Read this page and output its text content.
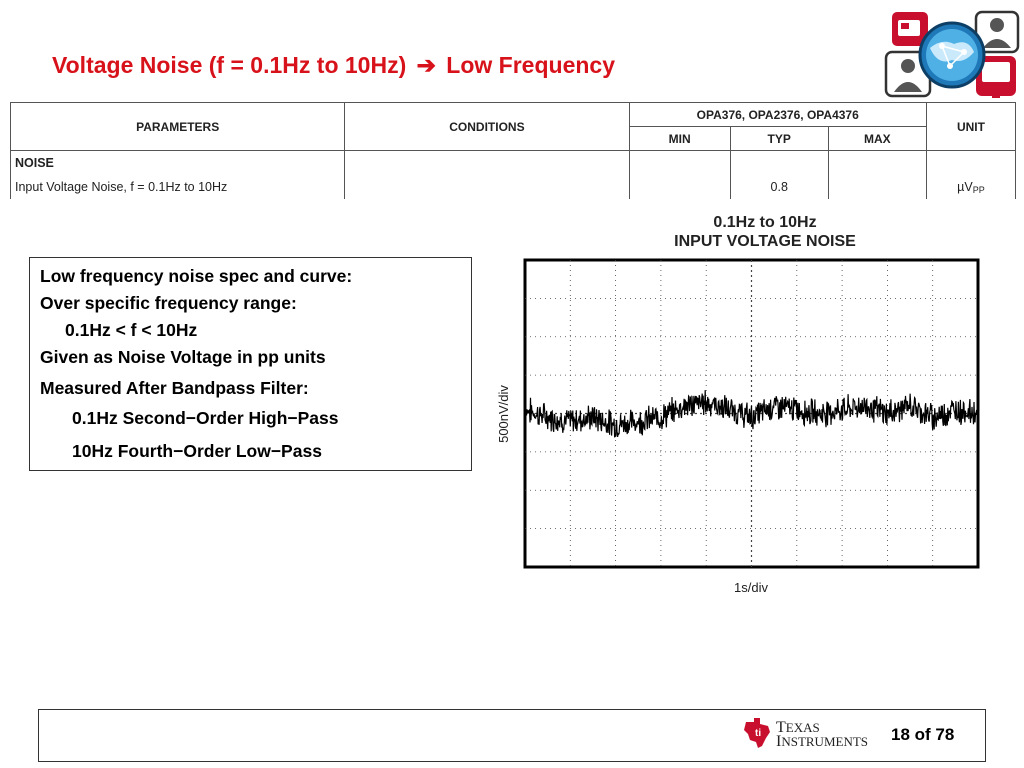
Voltage Noise (f = 0.1Hz to 10Hz) ➔ Low Frequency
PARAMETERS	CONDITIONS	OPA376, OPA2376, OPA4376			UNIT
		MIN	TYP	MAX	
NOISE					
Input Voltage Noise, f = 0.1Hz to 10Hz			0.8		µVPP
Low frequency noise spec and curve:
Over specific frequency range:
0.1Hz < f < 10Hz
Given as Noise Voltage in pp units
Measured After Bandpass Filter:
0.1Hz Second−Order High−Pass
10Hz Fourth−Order Low−Pass
0.1Hz to 10Hz
INPUT VOLTAGE NOISE
500nV/div
1s/div
ti TEXAS
INSTRUMENTS 18 of 78
